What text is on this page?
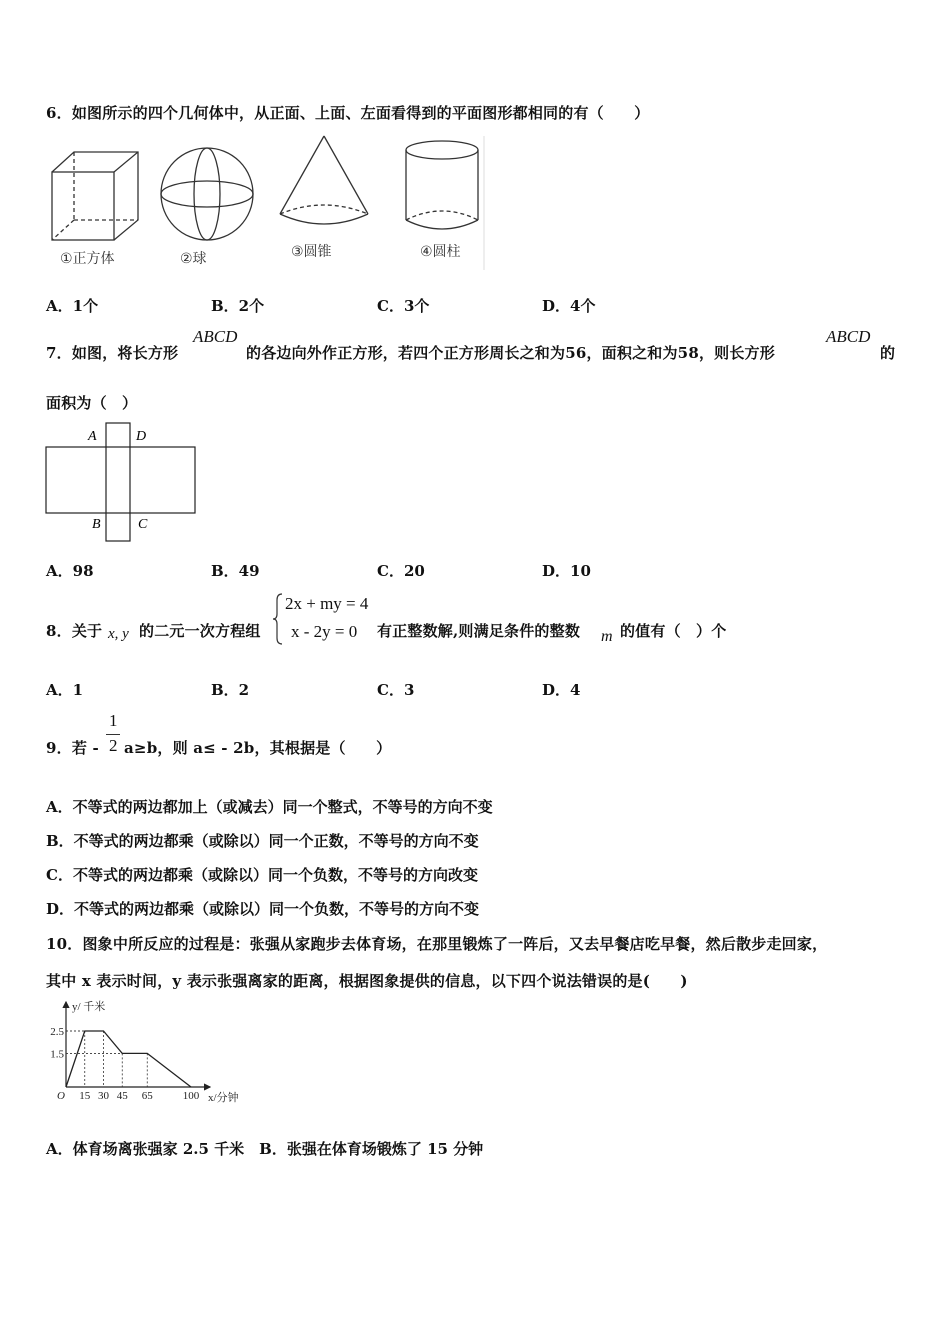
6．如图所示的四个几何体中，从正面、上面、左面看得到的平面图形都相同的有（　　）
①正方体	②球	③圆锥	④圆柱
A．1个	B．2个	C．3个	D．4个
7．如图，将长方形
ABCD
的各边向外作正方形，若四个正方形周长之和为56，面积之和为58，则长方形
ABCD
的
面积为（　）
A	D
B	C
A．98	B．49	C．20	D．10
8．关于 x, y 的二元一次方程组
2x + my = 4
x - 2y = 0 有正整数解,则满足条件的整数 m 的值有（　）个
A．1	B．2	C．3	D．4
9．若 -
1
2 a≥b，则 a≤ - 2b，其根据是（　　）
A．不等式的两边都加上（或减去）同一个整式，不等号的方向不变
B．不等式的两边都乘（或除以）同一个正数，不等号的方向不变
C．不等式的两边都乘（或除以）同一个负数，不等号的方向改变
D．不等式的两边都乘（或除以）同一个负数，不等号的方向不变
10．图象中所反应的过程是：张强从家跑步去体育场，在那里锻炼了一阵后，又去早餐店吃早餐，然后散步走回家，
其中 x 表示时间，y 表示张强离家的距离，根据图象提供的信息，以下四个说法错误的是(　　)
15 30 45 65	100
2.5
1.5
O
y/ 千米
x/分钟
A．体育场离张强家 2.5 千米　B．张强在体育场锻炼了 15 分钟
